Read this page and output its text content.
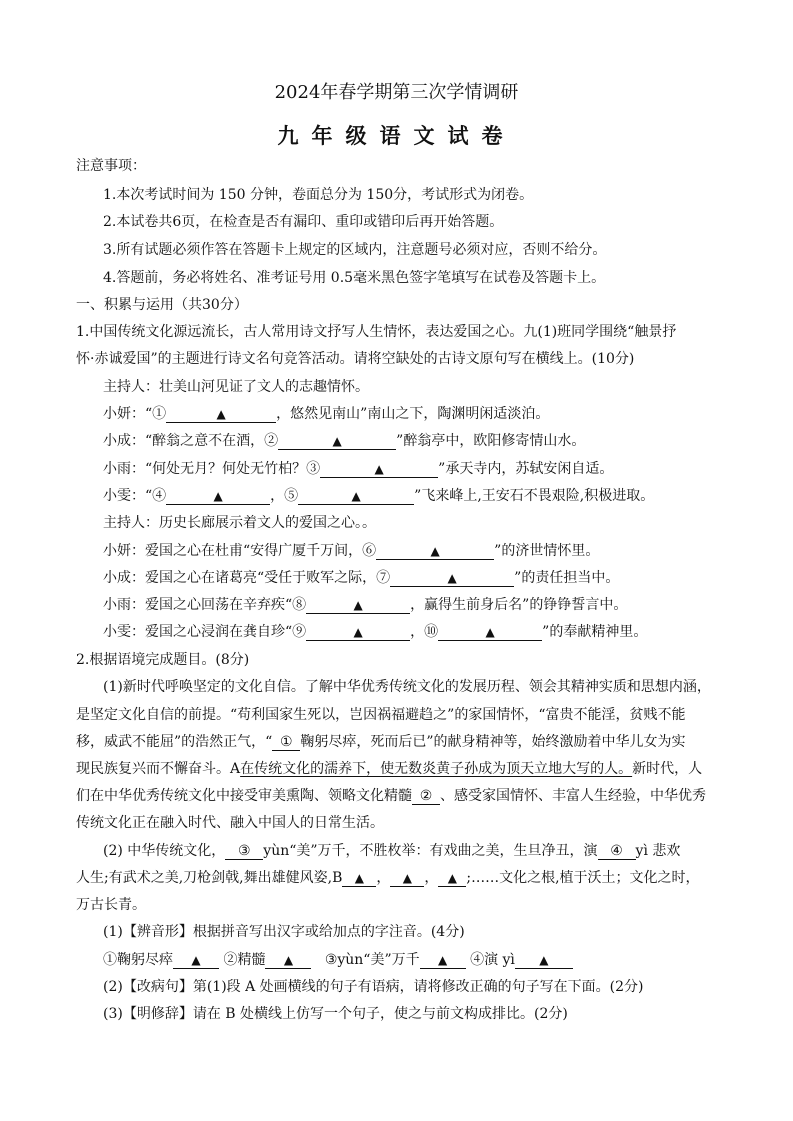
2024年春学期第三次学情调研
九年级语文试卷
注意事项：
1.本次考试时间为 150 分钟，卷面总分为 150分，考试形式为闭卷。
2.本试卷共6页，在检查是否有漏印、重印或错印后再开始答题。
3.所有试题必须作答在答题卡上规定的区域内，注意题号必须对应，否则不给分。
4.答题前，务必将姓名、准考证号用 0.5毫米黑色签字笔填写在试卷及答题卡上。
一、积累与运用（共30分）
1.中国传统文化源远流长，古人常用诗文抒写人生情怀，表达爱国之心。九(1)班同学围绕“触景抒
怀·赤诚爱国”的主题进行诗文名句竞答活动。请将空缺处的古诗文原句写在横线上。(10分)
主持人：壮美山河见证了文人的志趣情怀。
小妍：“①	▲	，悠然见南山”南山之下，陶渊明闲适淡泊。
小成：“醉翁之意不在酒，②	▲	”醉翁亭中，欧阳修寄情山水。
小雨：“何处无月？何处无竹柏？③	▲	”承天寺内，苏轼安闲自适。
小雯：“④	▲	，⑤	▲	”飞来峰上,王安石不畏艰险,积极进取。
主持人：历史长廊展示着文人的爱国之心。。
小妍：爱国之心在杜甫“安得广厦千万间，⑥	▲	”的济世情怀里。
小成：爱国之心在诸葛亮“受任于败军之际，⑦	▲	”的责任担当中。
小雨：爱国之心回荡在辛弃疾“⑧	▲	，赢得生前身后名”的铮铮誓言中。
小雯：爱国之心浸润在龚自珍“⑨	▲	，⑩	▲	”的奉献精神里。
2.根据语境完成题目。(8分)
(1)新时代呼唤坚定的文化自信。了解中华优秀传统文化的发展历程、领会其精神实质和思想内涵，
是坚定文化自信的前提。“苟利国家生死以，岂因祸福避趋之”的家国情怀，“富贵不能淫，贫贱不能
移，威武不能屈”的浩然正气，“ ① 鞠躬尽瘁，死而后已”的献身精神等，始终激励着中华儿女为实
现民族复兴而不懈奋斗。A在传统文化的濡养下，使无数炎黄子孙成为顶天立地大写的人。新时代，人
们在中华优秀传统文化中接受审美熏陶、领略文化精髓 ② 、感受家国情怀、丰富人生经验，中华优秀
传统文化正在融入时代、融入中国人的日常生活。
(2) 中华传统文化， ③ yùn“美”万千，不胜枚举：有戏曲之美，生旦净丑，演 ④ yì 悲欢
人生;有武术之美,刀枪剑戟,舞出雄健风姿,B ▲ ， ▲ ， ▲ ;……文化之根,植于沃土；文化之时，
万古长青。
(1)【辨音形】根据拼音写出汉字或给加点的字注音。(4分)
①鞠躬尽瘁 ▲ ②精髓 ▲ ③yùn“美”万千 ▲ ④演 yì ▲
(2)【改病句】第(1)段 A 处画横线的句子有语病，请将修改正确的句子写在下面。(2分)
(3)【明修辞】请在 B 处横线上仿写一个句子，使之与前文构成排比。(2分)
